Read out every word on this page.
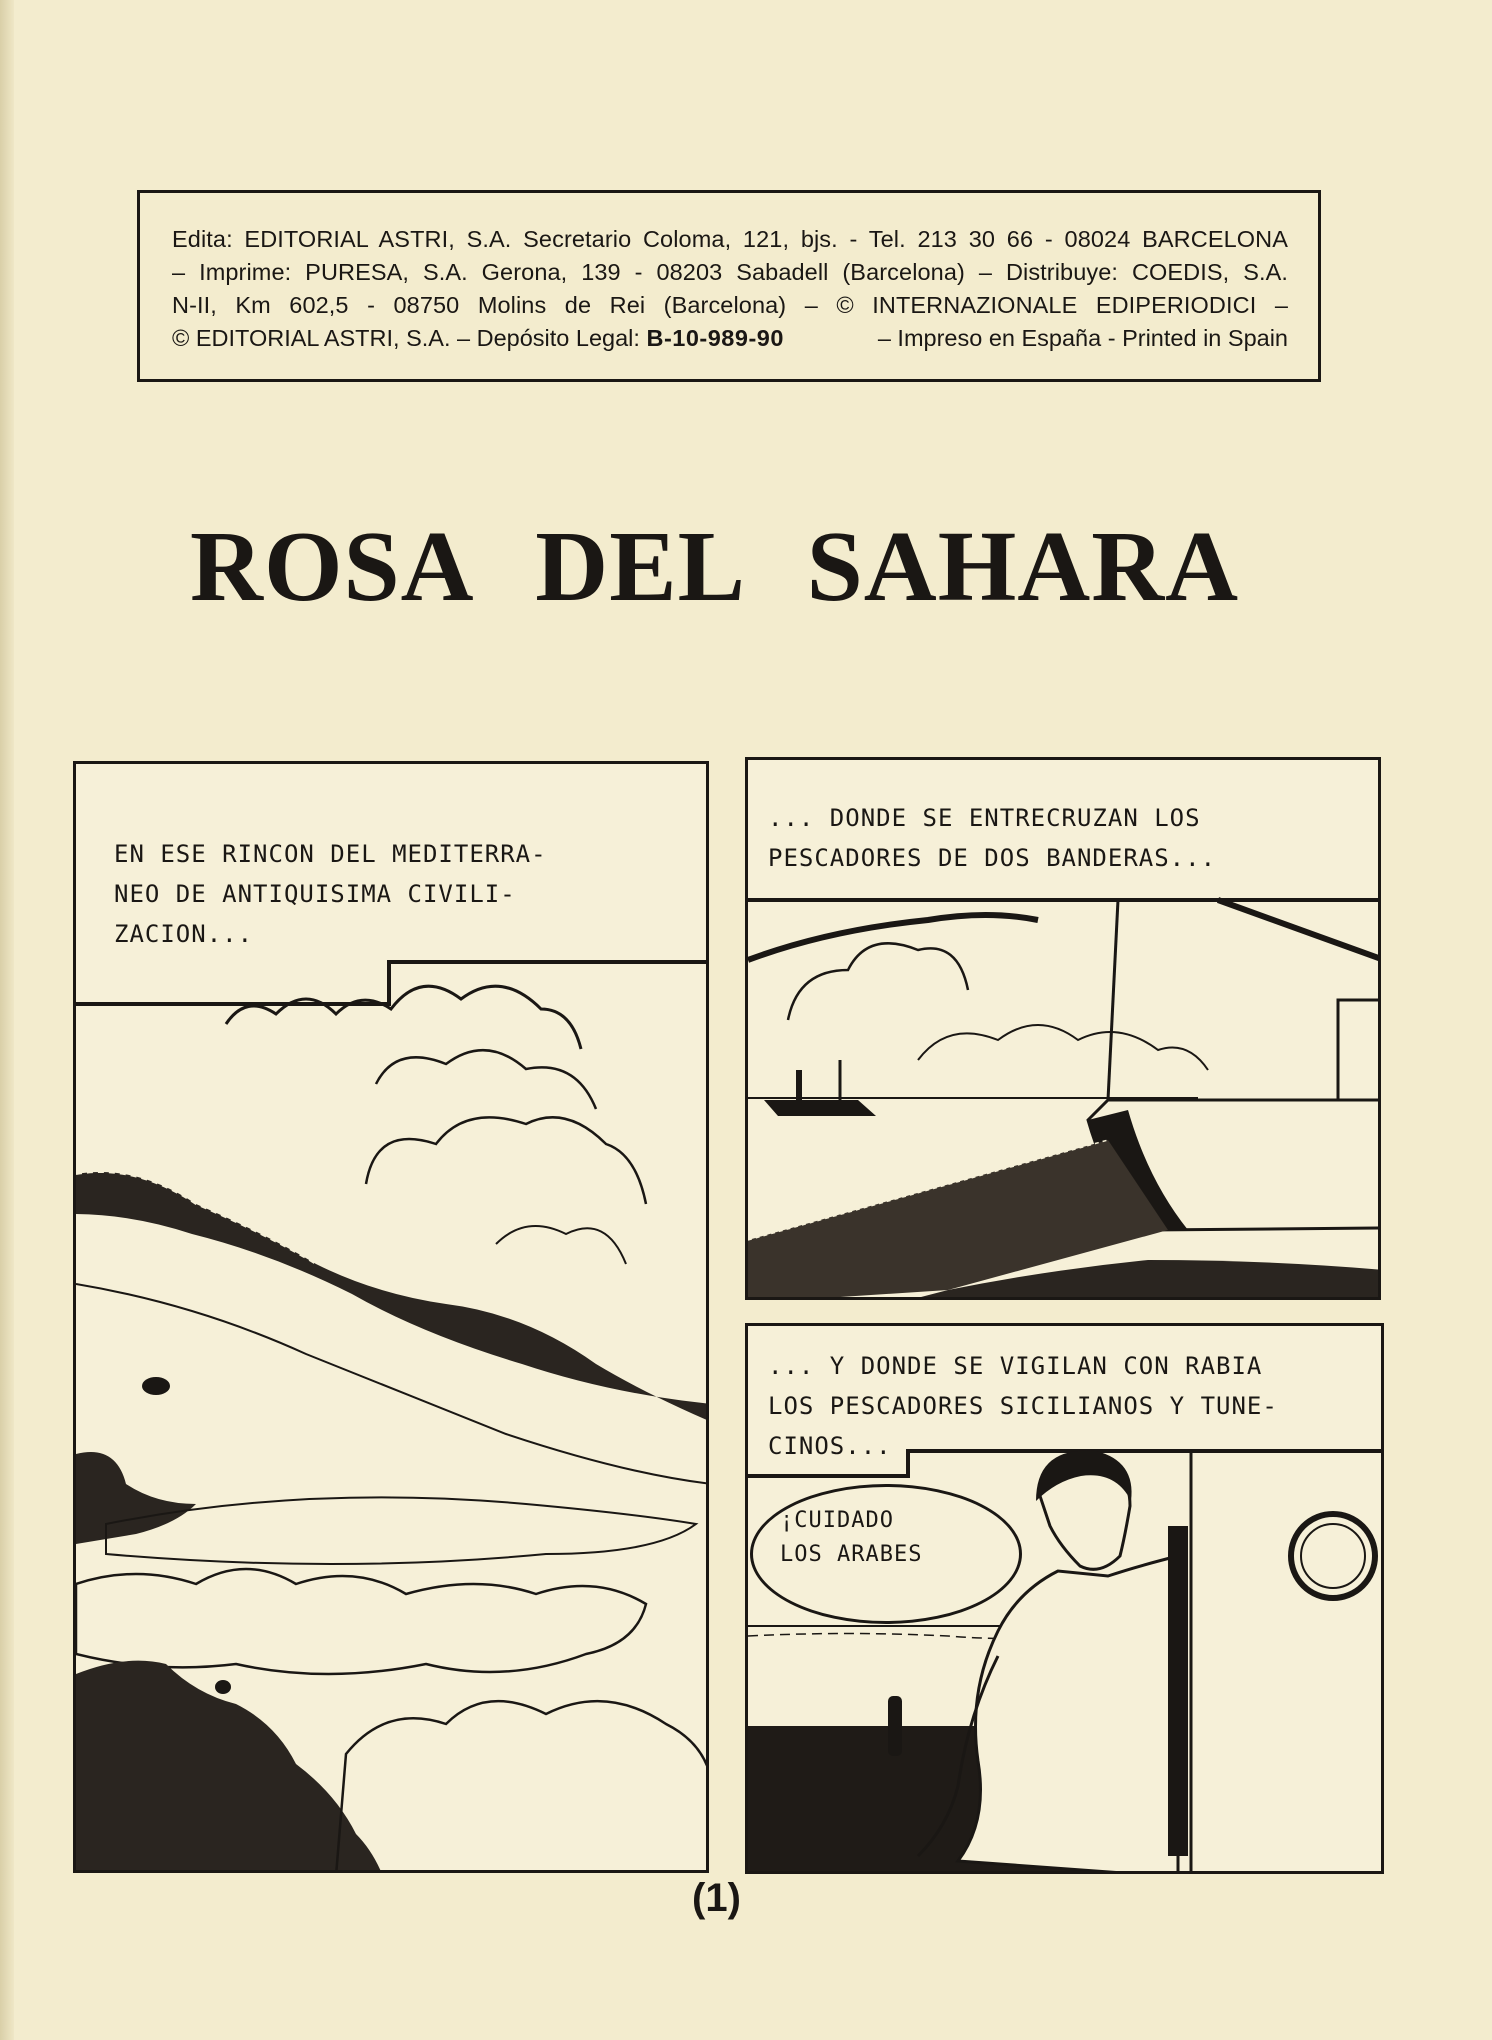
Edita: EDITORIAL ASTRI, S.A. Secretario Coloma, 121, bjs. - Tel. 213 30 66 - 08024 BARCELONA
– Imprime: PURESA, S.A. Gerona, 139 - 08203 Sabadell (Barcelona) – Distribuye: COEDIS, S.A.
N-II, Km 602,5 - 08750 Molins de Rei (Barcelona) – © INTERNAZIONALE EDIPERIODICI –
© EDITORIAL ASTRI, S.A. – Depósito Legal: B-10-989-90	– Impreso en España - Printed in Spain
ROSA DEL SAHARA
EN ESE RINCON DEL MEDITERRA-
NEO DE ANTIQUISIMA CIVILI-
ZACION...
... DONDE SE ENTRECRUZAN LOS
PESCADORES DE DOS BANDERAS...
... Y DONDE SE VIGILAN CON RABIA
LOS PESCADORES SICILIANOS Y TUNE-
CINOS...
¡CUIDADO
LOS ARABES
(1)
